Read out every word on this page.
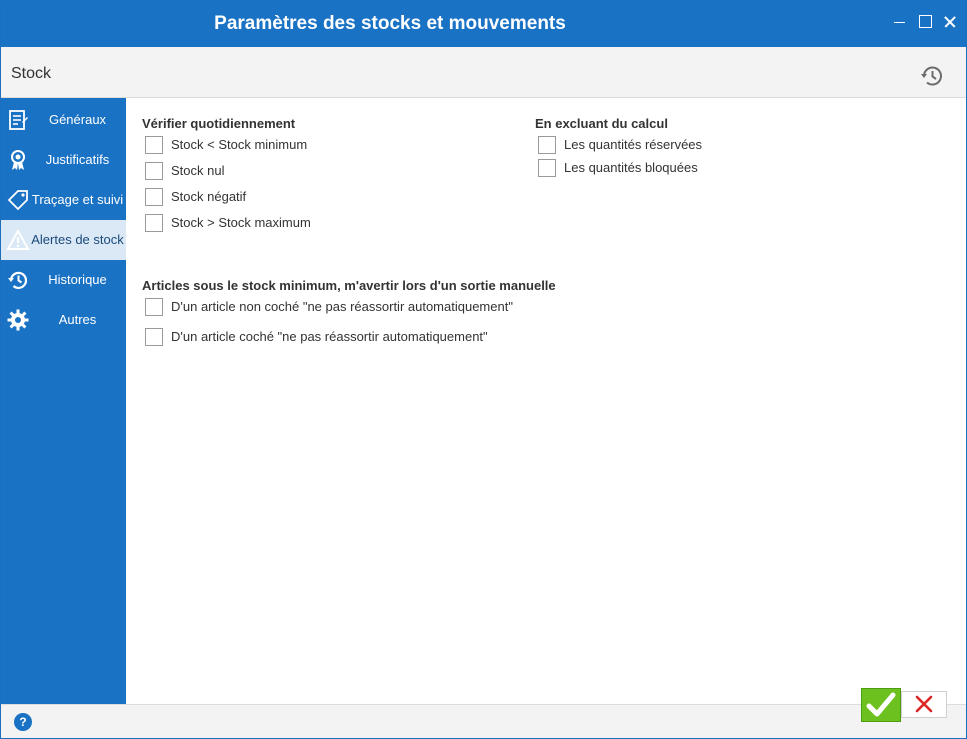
Paramètres des stocks et mouvements
Stock
Généraux
Justificatifs
Traçage et suivi
Alertes de stock
Historique
Autres
Vérifier quotidiennement
Stock < Stock minimum
Stock nul
Stock négatif
Stock > Stock maximum
En excluant du calcul
Les quantités réservées
Les quantités bloquées
Articles sous le stock minimum, m'avertir lors d'un sortie manuelle
D'un article non coché "ne pas réassortir automatiquement"
D'un article coché "ne pas réassortir automatiquement"
?
